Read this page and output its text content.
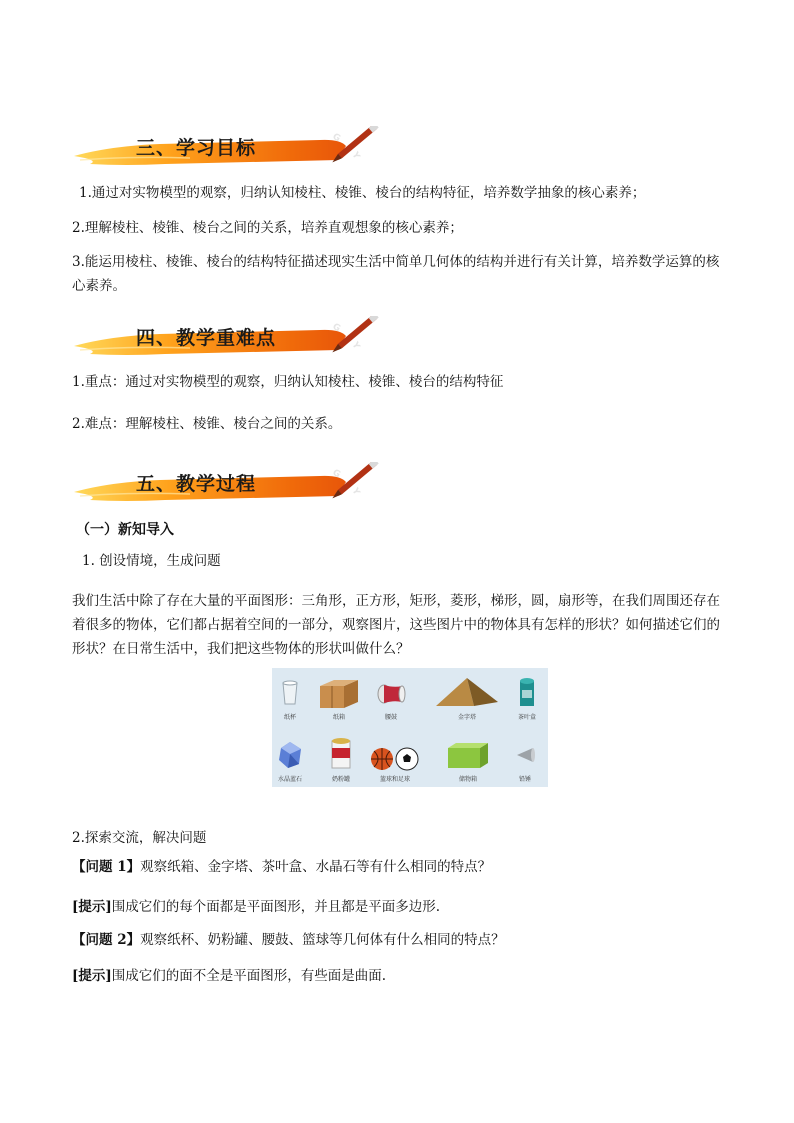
G
Y
三、学习目标
1.通过对实物模型的观察，归纳认知棱柱、棱锥、棱台的结构特征，培养数学抽象的核心素养；
2.理解棱柱、棱锥、棱台之间的关系，培养直观想象的核心素养；
3.能运用棱柱、棱锥、棱台的结构特征描述现实生活中简单几何体的结构并进行有关计算，培养数学运算的核心素养。
G
Y
四、教学重难点
1.重点：通过对实物模型的观察，归纳认知棱柱、棱锥、棱台的结构特征
2.难点：理解棱柱、棱锥、棱台之间的关系。
G
Y
五、教学过程
（一）新知导入
1. 创设情境，生成问题
我们生活中除了存在大量的平面图形：三角形，正方形，矩形，菱形，梯形，圆，扇形等，在我们周围还存在着很多的物体，它们都占据着空间的一部分，观察图片，这些图片中的物体具有怎样的形状？如何描述它们的形状？在日常生活中，我们把这些物体的形状叫做什么？
纸杯	纸箱	腰鼓	金字塔	茶叶盒
水晶蓝石	奶粉罐	篮球和足球	储物箱	铅锤
2.探索交流，解决问题
【问题 1】观察纸箱、金字塔、茶叶盒、水晶石等有什么相同的特点？
[提示]围成它们的每个面都是平面图形，并且都是平面多边形.
【问题 2】观察纸杯、奶粉罐、腰鼓、篮球等几何体有什么相同的特点？
[提示]围成它们的面不全是平面图形，有些面是曲面.
